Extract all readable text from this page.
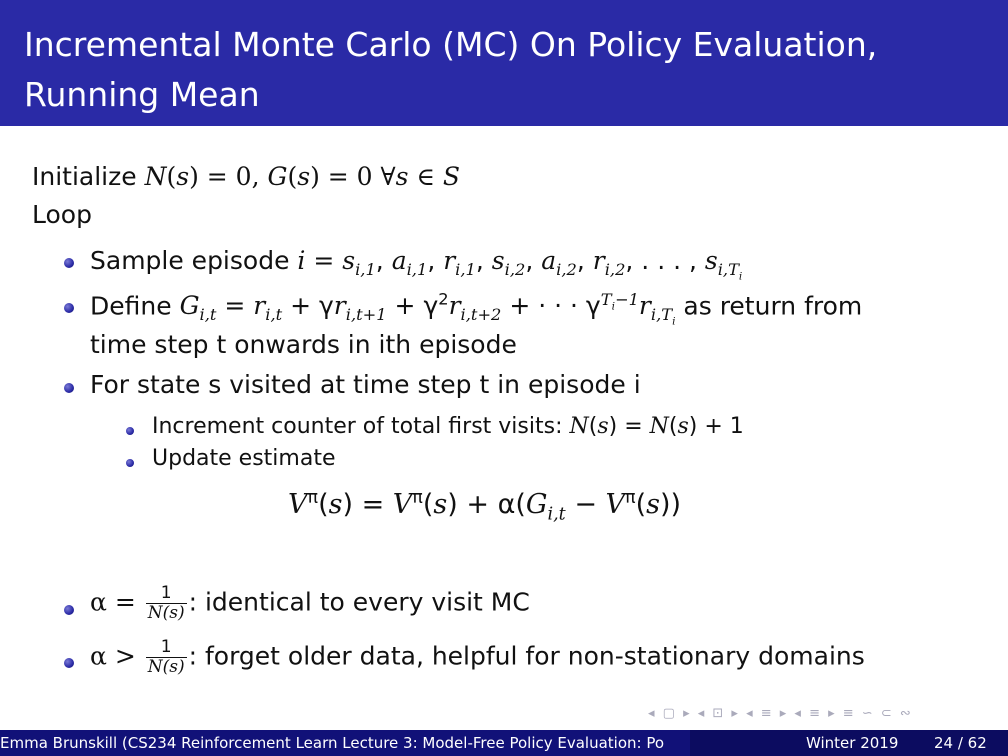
Incremental Monte Carlo (MC) On Policy Evaluation,
Running Mean
Initialize N(s) = 0, G(s) = 0 ∀s ∈ S
Loop
Sample episode $i = s_{i,1}$, $a_{i,1}$, $r_{i,1}$, $s_{i,2}$, $a_{i,2}$, $r_{i,2}$, . . . , $s_{i,T_i}$
Define $G_{i,t} = r_{i,t} + \gamma r_{i,t+1} + \gamma^2r_{i,t+2}$ + · · · $\gamma^{T_i-1}r_{i,T_i}$ as return from
time step t onwards in ith episode
For state s visited at time step t in episode i
Increment counter of total first visits: N(s) = N(s) + 1
Update estimate
$V^\pi(s) = V^\pi(s) + \alpha(G_{i,t} - V^\pi(s))$
$\alpha = \frac{1}{N(s)}$ : identical to every visit MC
$\alpha > \frac{1}{N(s)}$ : forget older data, helpful for non-stationary domains
◂ ▢ ▸ ◂ ⊡ ▸ ◂ ≡ ▸ ◂ ≡ ▸ ≡ ∽ ⊂ ∾
Emma Brunskill (CS234 Reinforcement Learn Lecture 3: Model-Free Policy Evaluation: Po	Winter 2019 24 / 62
